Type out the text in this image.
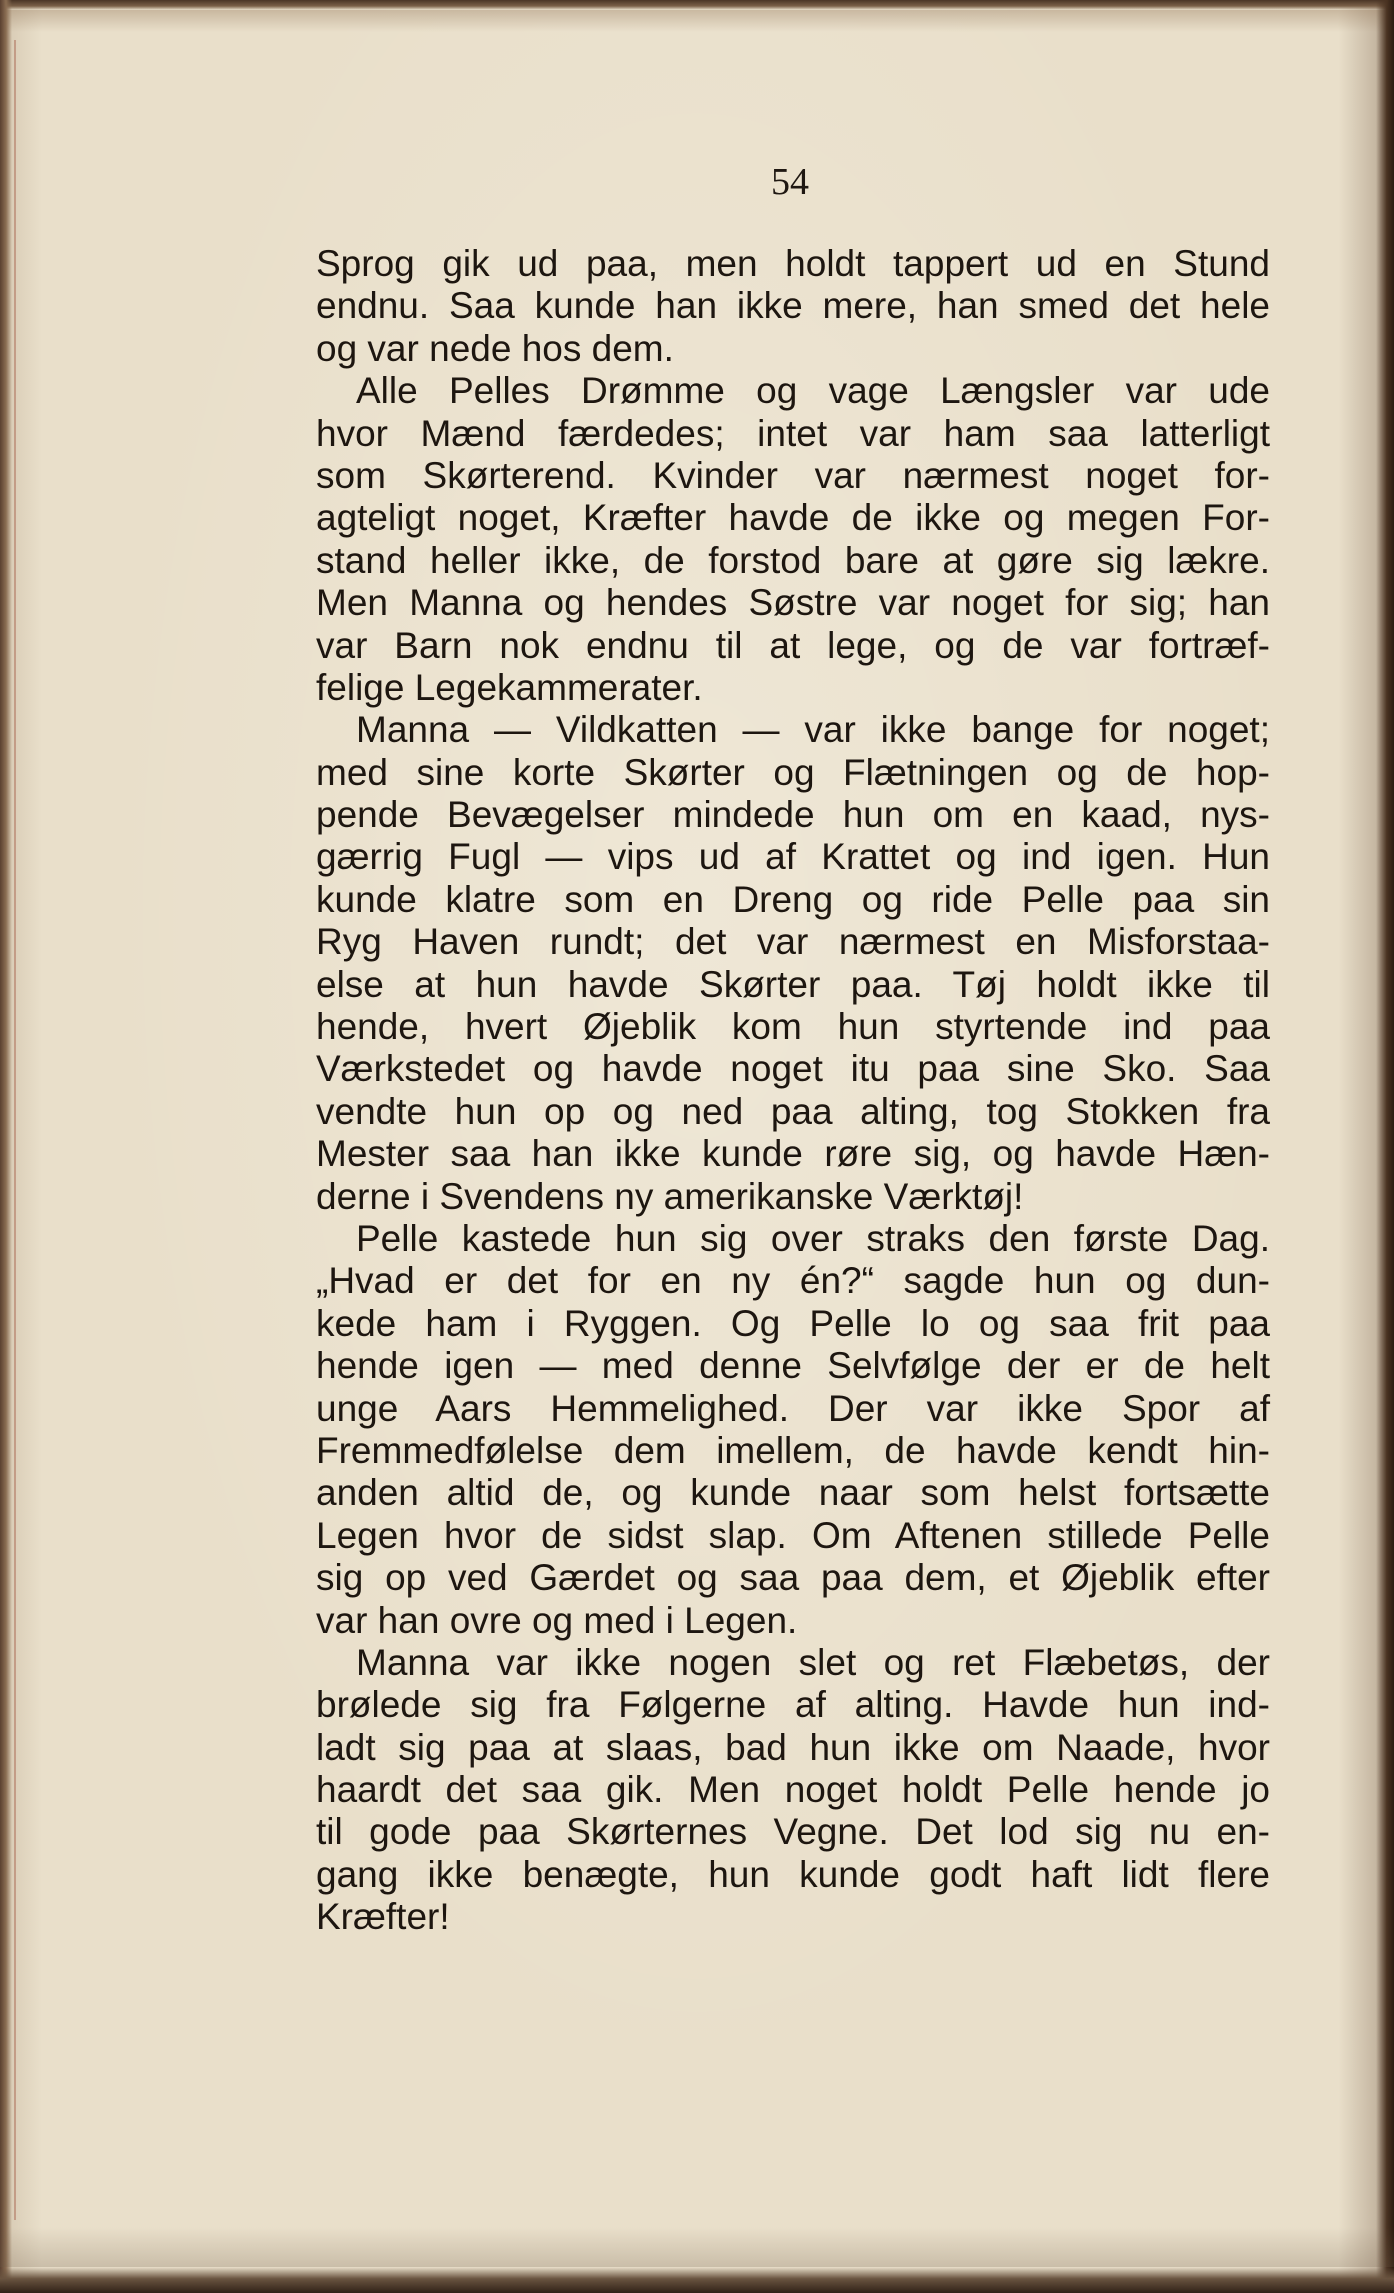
54
Sprog gik ud paa, men holdt tappert ud en Stund
endnu. Saa kunde han ikke mere, han smed det hele
og var nede hos dem.
Alle Pelles Drømme og vage Længsler var ude
hvor Mænd færdedes; intet var ham saa latterligt
som Skørterend. Kvinder var nærmest noget for-
agteligt noget, Kræfter havde de ikke og megen For-
stand heller ikke, de forstod bare at gøre sig lækre.
Men Manna og hendes Søstre var noget for sig; han
var Barn nok endnu til at lege, og de var fortræf-
felige Legekammerater.
Manna — Vildkatten — var ikke bange for noget;
med sine korte Skørter og Flætningen og de hop-
pende Bevægelser mindede hun om en kaad, nys-
gærrig Fugl — vips ud af Krattet og ind igen. Hun
kunde klatre som en Dreng og ride Pelle paa sin
Ryg Haven rundt; det var nærmest en Misforstaa-
else at hun havde Skørter paa. Tøj holdt ikke til
hende, hvert Øjeblik kom hun styrtende ind paa
Værkstedet og havde noget itu paa sine Sko. Saa
vendte hun op og ned paa alting, tog Stokken fra
Mester saa han ikke kunde røre sig, og havde Hæn-
derne i Svendens ny amerikanske Værktøj!
Pelle kastede hun sig over straks den første Dag.
„Hvad er det for en ny én?“ sagde hun og dun-
kede ham i Ryggen. Og Pelle lo og saa frit paa
hende igen — med denne Selvfølge der er de helt
unge Aars Hemmelighed. Der var ikke Spor af
Fremmedfølelse dem imellem, de havde kendt hin-
anden altid de, og kunde naar som helst fortsætte
Legen hvor de sidst slap. Om Aftenen stillede Pelle
sig op ved Gærdet og saa paa dem, et Øjeblik efter
var han ovre og med i Legen.
Manna var ikke nogen slet og ret Flæbetøs, der
brølede sig fra Følgerne af alting. Havde hun ind-
ladt sig paa at slaas, bad hun ikke om Naade, hvor
haardt det saa gik. Men noget holdt Pelle hende jo
til gode paa Skørternes Vegne. Det lod sig nu en-
gang ikke benægte, hun kunde godt haft lidt flere
Kræfter!
